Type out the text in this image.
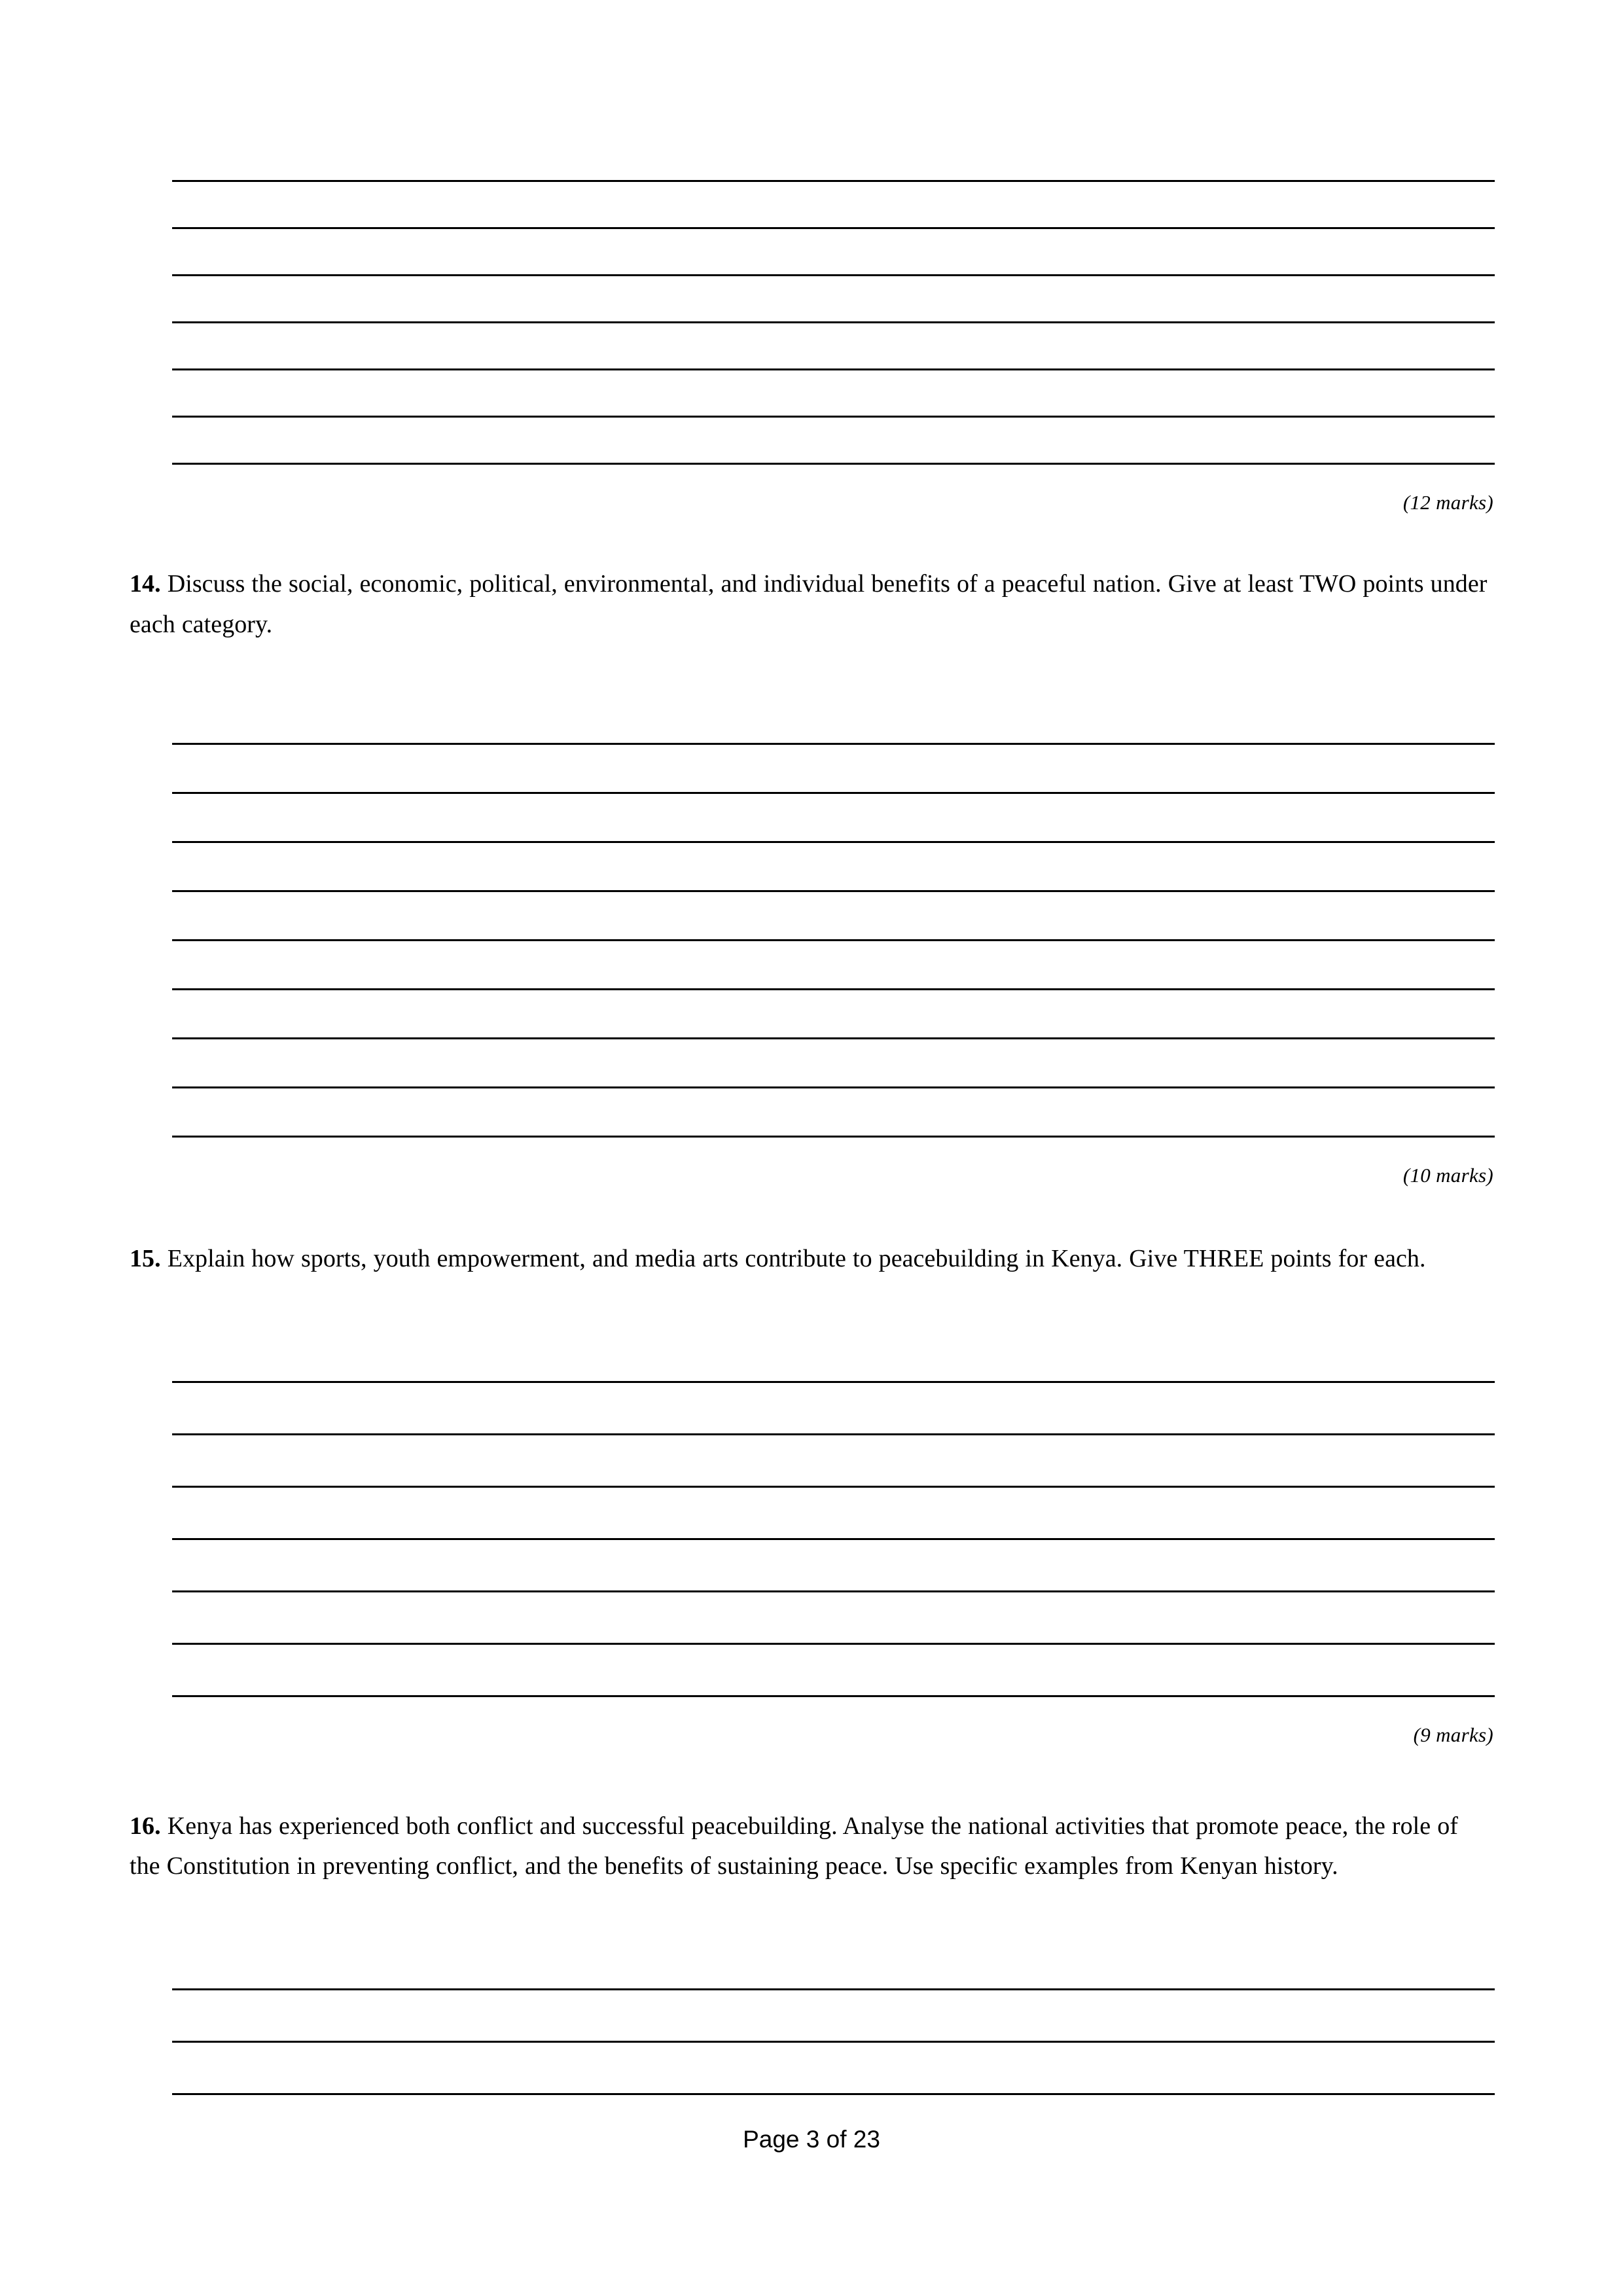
(12 marks)

14. Discuss the social, economic, political, environmental, and individual benefits of a peaceful nation. Give at least TWO points under each category.

(10 marks)

15. Explain how sports, youth empowerment, and media arts contribute to peacebuilding in Kenya. Give THREE points for each.

(9 marks)

16. Kenya has experienced both conflict and successful peacebuilding. Analyse the national activities that promote peace, the role of the Constitution in preventing conflict, and the benefits of sustaining peace. Use specific examples from Kenyan history.

Page 3 of 23
